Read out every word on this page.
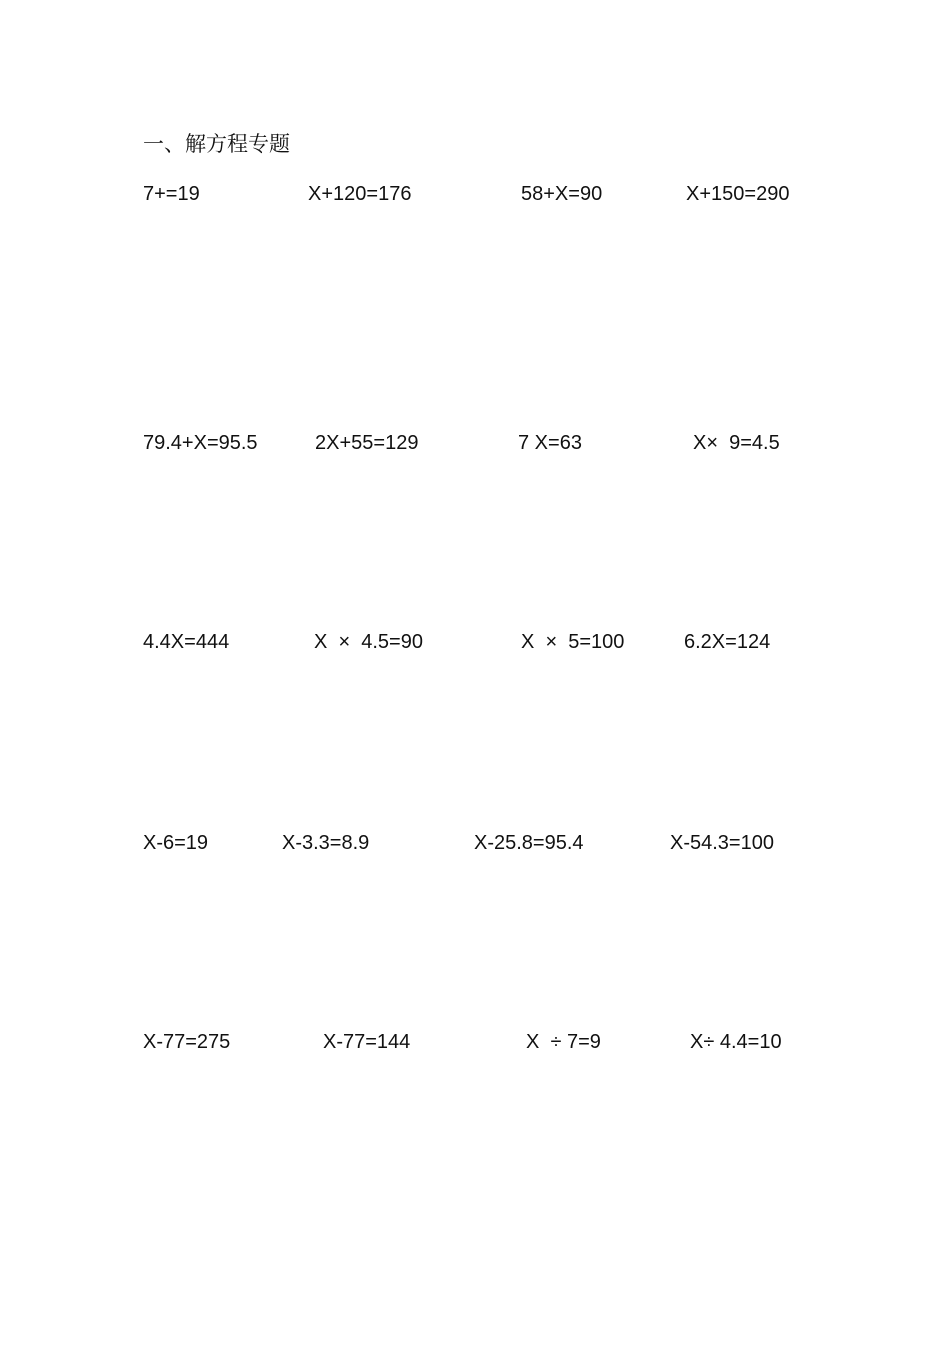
一、解方程专题
7+=19	X+120=176	58+X=90	X+150=290
79.4+X=95.5	2X+55=129	7 X=63	X×  9=4.5
4.4X=444	X  ×  4.5=90	X  ×  5=100	6.2X=124
X-6=19	X-3.3=8.9	X-25.8=95.4	X-54.3=100
X-77=275	X-77=144	X  ÷ 7=9	X÷ 4.4=10
